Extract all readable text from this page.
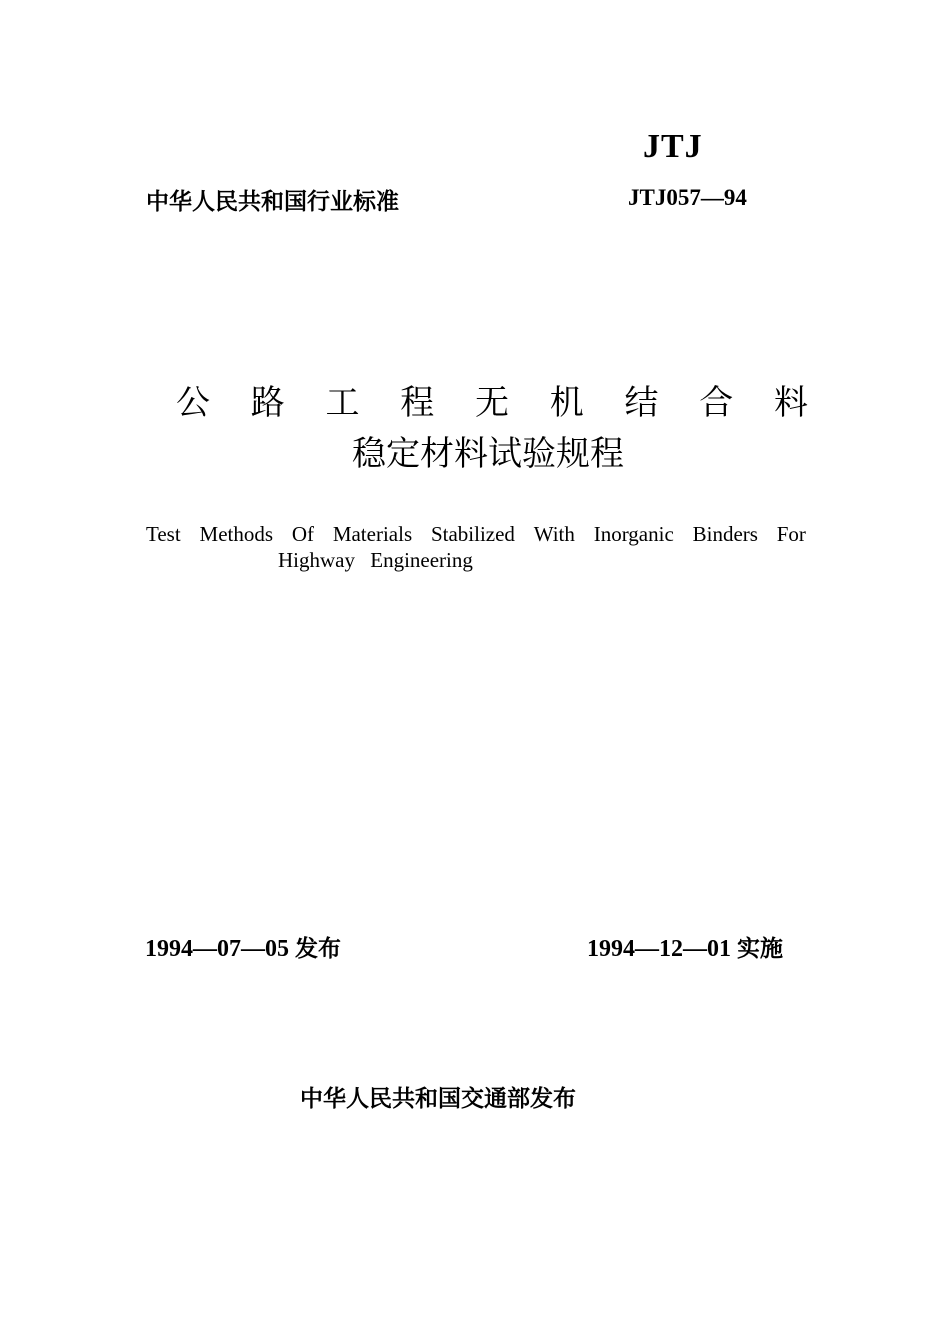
JTJ
中华人民共和国行业标准	JTJ057—94
公 路 工 程 无 机 结 合 料
稳定材料试验规程
Test Methods Of Materials Stabilized With Inorganic Binders For
Highway Engineering
1994—07—05 发布	1994—12—01 实施
中华人民共和国交通部发布
